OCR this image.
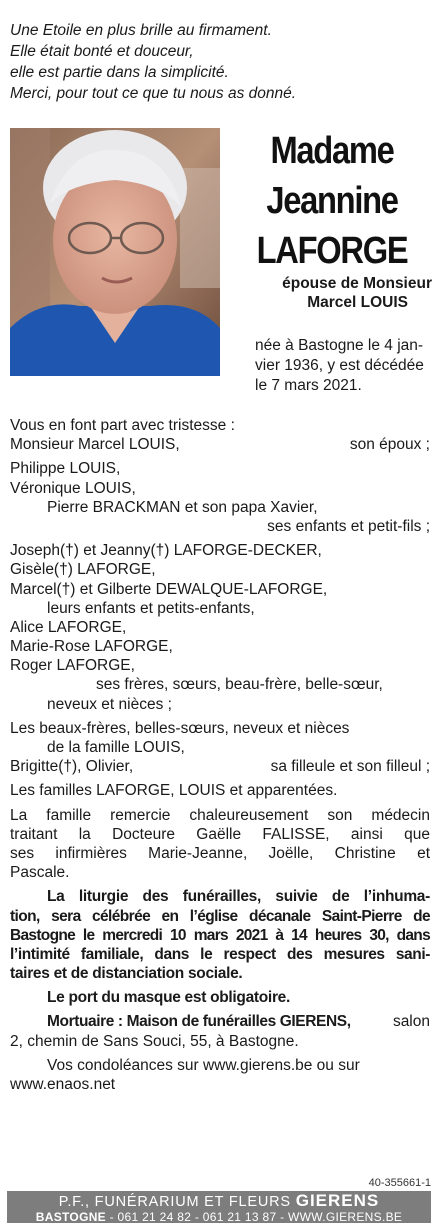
Une Etoile en plus brille au firmament.
Elle était bonté et douceur,
elle est partie dans la simplicité.
Merci, pour tout ce que tu nous as donné.
Madame
Jeannine
LAFORGE
épouse de Monsieur
Marcel LOUIS
née à Bastogne le 4 jan-
vier 1936, y est décédée
le 7 mars 2021.
Vous en font part avec tristesse :
Monsieur Marcel LOUIS,	son époux ;
Philippe LOUIS,
Véronique LOUIS,
Pierre BRACKMAN et son papa Xavier,
ses enfants et petit-fils ;
Joseph(†) et Jeanny(†) LAFORGE-DECKER,
Gisèle(†) LAFORGE,
Marcel(†) et Gilberte DEWALQUE-LAFORGE,
leurs enfants et petits-enfants,
Alice LAFORGE,
Marie-Rose LAFORGE,
Roger LAFORGE,
ses frères, sœurs, beau-frère, belle-sœur,
neveux et nièces ;
Les beaux-frères, belles-sœurs, neveux et nièces
de la famille LOUIS,
Brigitte(†), Olivier,	sa filleule et son filleul ;
Les familles LAFORGE, LOUIS et apparentées.
La famille remercie chaleureusement son médecin
traitant la Docteure Gaëlle FALISSE, ainsi que
ses infirmières Marie-Jeanne, Joëlle, Christine et
Pascale.
La liturgie des funérailles, suivie de l’inhuma-
tion, sera célébrée en l’église décanale Saint-Pierre de
Bastogne le mercredi 10 mars 2021 à 14 heures 30, dans
l’intimité familiale, dans le respect des mesures sani-
taires et de distanciation sociale.
Le port du masque est obligatoire.
Mortuaire : Maison de funérailles GIERENS,	salon
2, chemin de Sans Souci, 55, à Bastogne.
Vos condoléances sur www.gierens.be ou sur
www.enaos.net
40-355661-1
P.F., FUNÉRARIUM ET FLEURS GIERENS
BASTOGNE - 061 21 24 82 - 061 21 13 87 - WWW.GIERENS.BE
